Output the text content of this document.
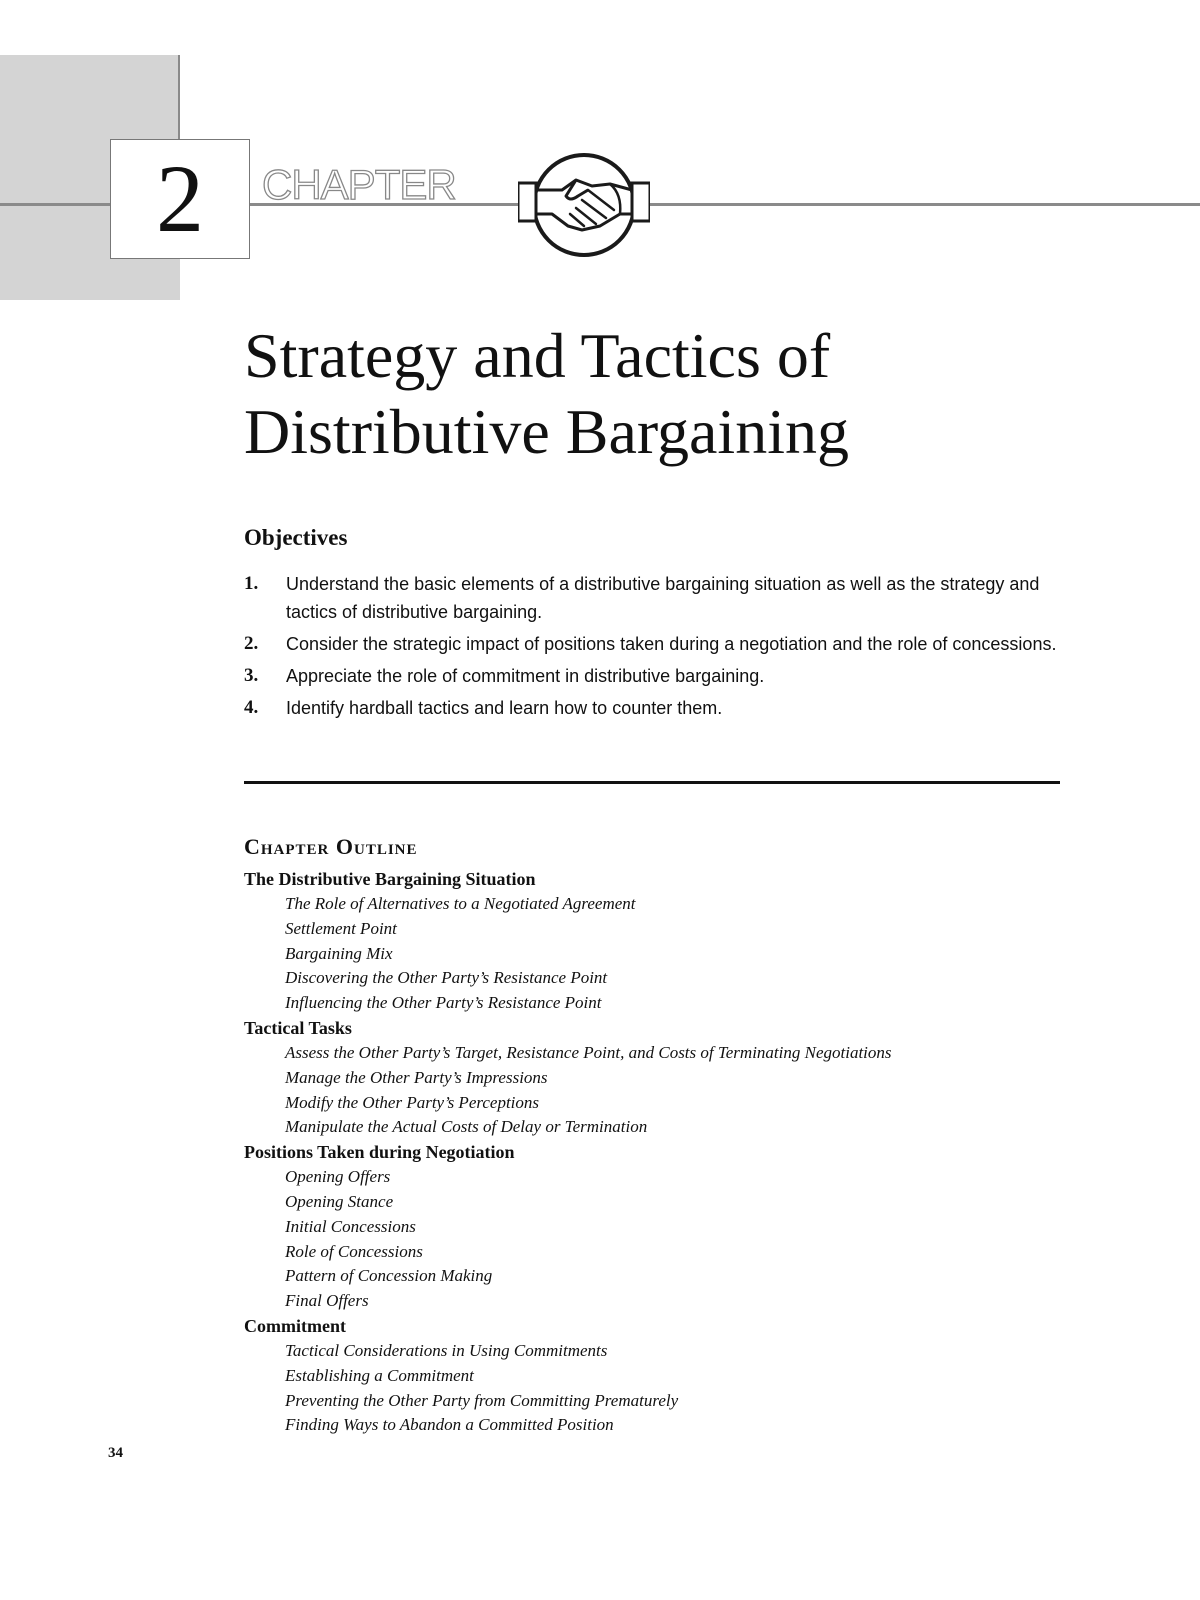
2 CHAPTER

Strategy and Tactics of
Distributive Bargaining
Objectives
1. Understand the basic elements of a distributive bargaining situation as well as the strategy and tactics of distributive bargaining.
2. Consider the strategic impact of positions taken during a negotiation and the role of concessions.
3. Appreciate the role of commitment in distributive bargaining.
4. Identify hardball tactics and learn how to counter them.
Chapter Outline
The Distributive Bargaining Situation
The Role of Alternatives to a Negotiated Agreement
Settlement Point
Bargaining Mix
Discovering the Other Party’s Resistance Point
Influencing the Other Party’s Resistance Point
Tactical Tasks
Assess the Other Party’s Target, Resistance Point, and Costs of Terminating Negotiations
Manage the Other Party’s Impressions
Modify the Other Party’s Perceptions
Manipulate the Actual Costs of Delay or Termination
Positions Taken during Negotiation
Opening Offers
Opening Stance
Initial Concessions
Role of Concessions
Pattern of Concession Making
Final Offers
Commitment
Tactical Considerations in Using Commitments
Establishing a Commitment
Preventing the Other Party from Committing Prematurely
Finding Ways to Abandon a Committed Position

34
